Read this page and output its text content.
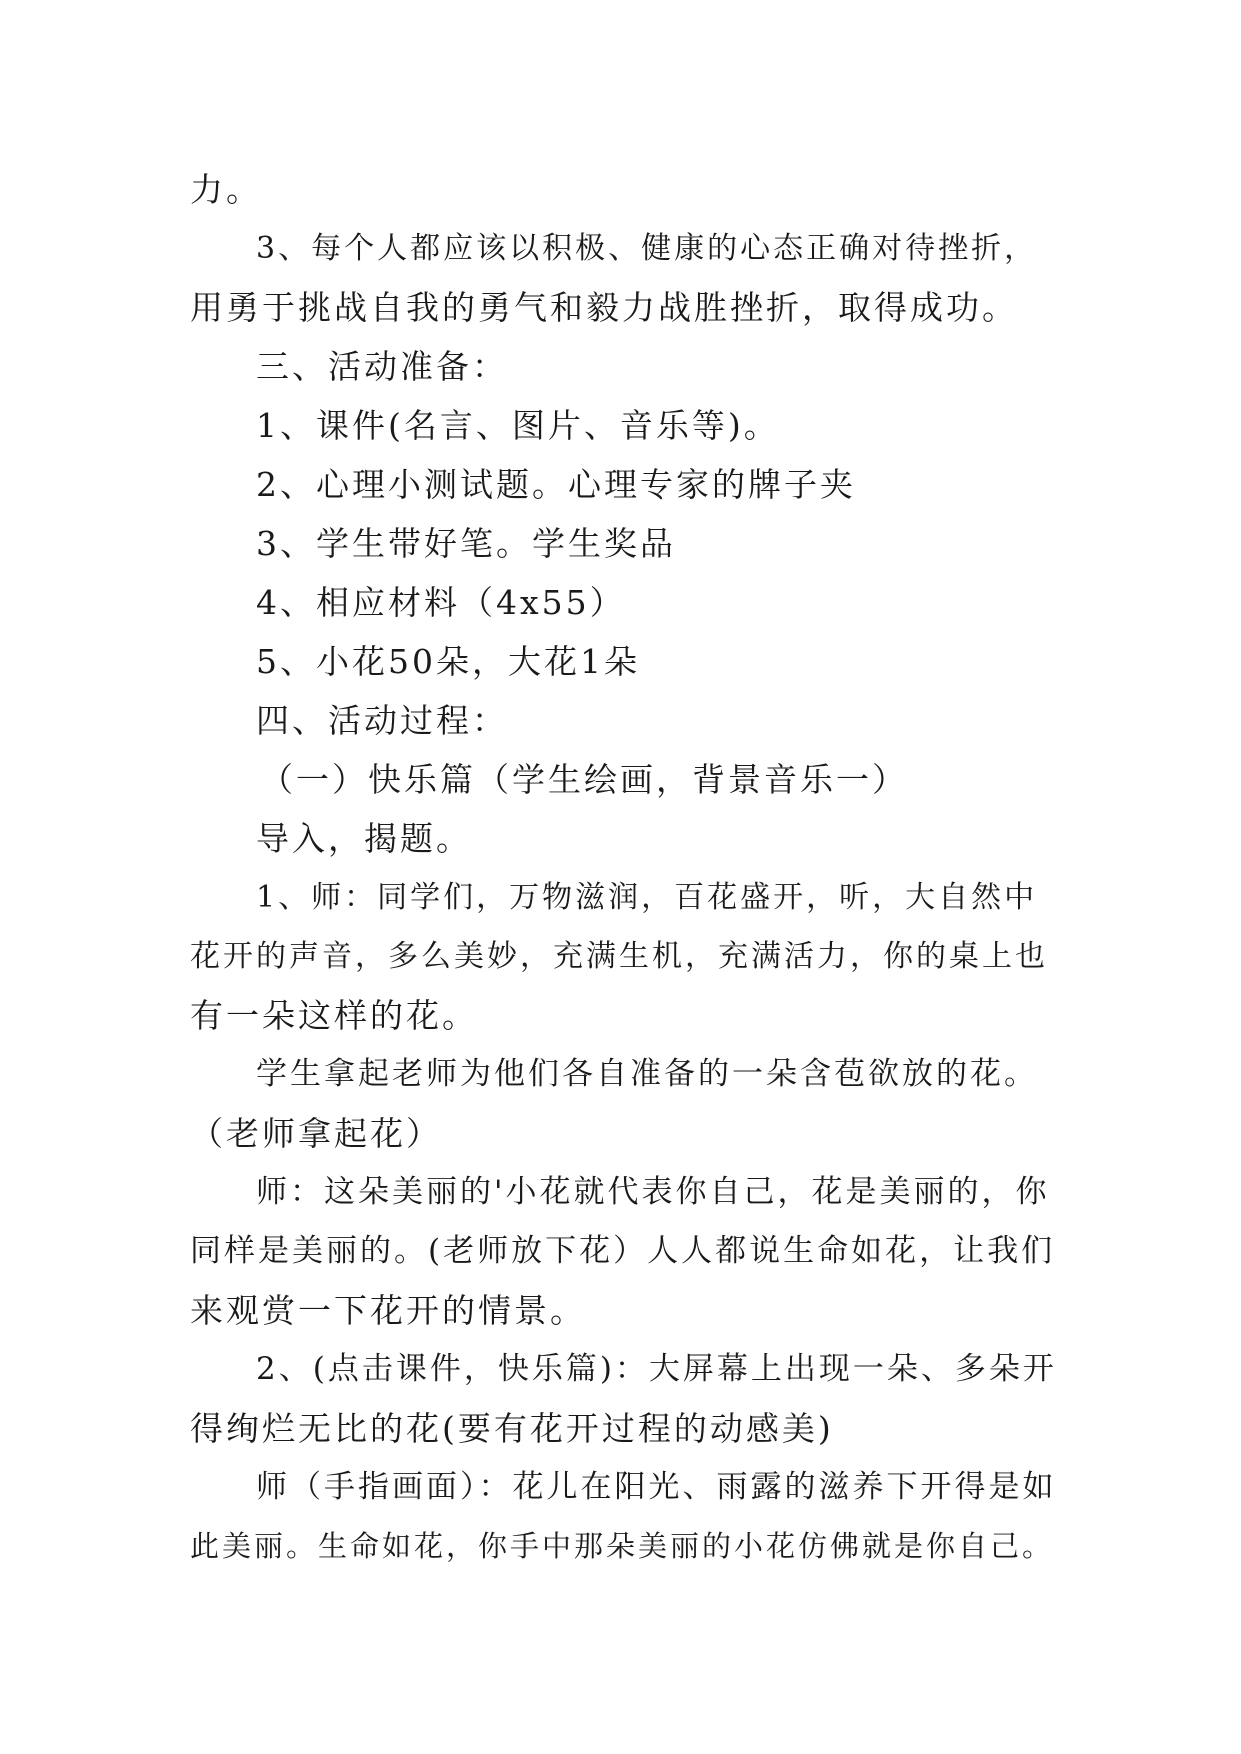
力。
3、每个人都应该以积极、健康的心态正确对待挫折，
用勇于挑战自我的勇气和毅力战胜挫折，取得成功。
三、活动准备：
1、课件(名言、图片、音乐等)。
2、心理小测试题。心理专家的牌子夹
3、学生带好笔。学生奖品
4、相应材料（4x55）
5、小花50朵，大花1朵
四、活动过程：
（一）快乐篇（学生绘画，背景音乐一）
导入，揭题。
1、师：同学们，万物滋润，百花盛开，听，大自然中
花开的声音，多么美妙，充满生机，充满活力，你的桌上也
有一朵这样的花。
学生拿起老师为他们各自准备的一朵含苞欲放的花。
（老师拿起花）
师：这朵美丽的'小花就代表你自己，花是美丽的，你
同样是美丽的。(老师放下花）人人都说生命如花，让我们
来观赏一下花开的情景。
2、(点击课件，快乐篇)：大屏幕上出现一朵、多朵开
得绚烂无比的花(要有花开过程的动感美)
师（手指画面）：花儿在阳光、雨露的滋养下开得是如
此美丽。生命如花，你手中那朵美丽的小花仿佛就是你自己。
